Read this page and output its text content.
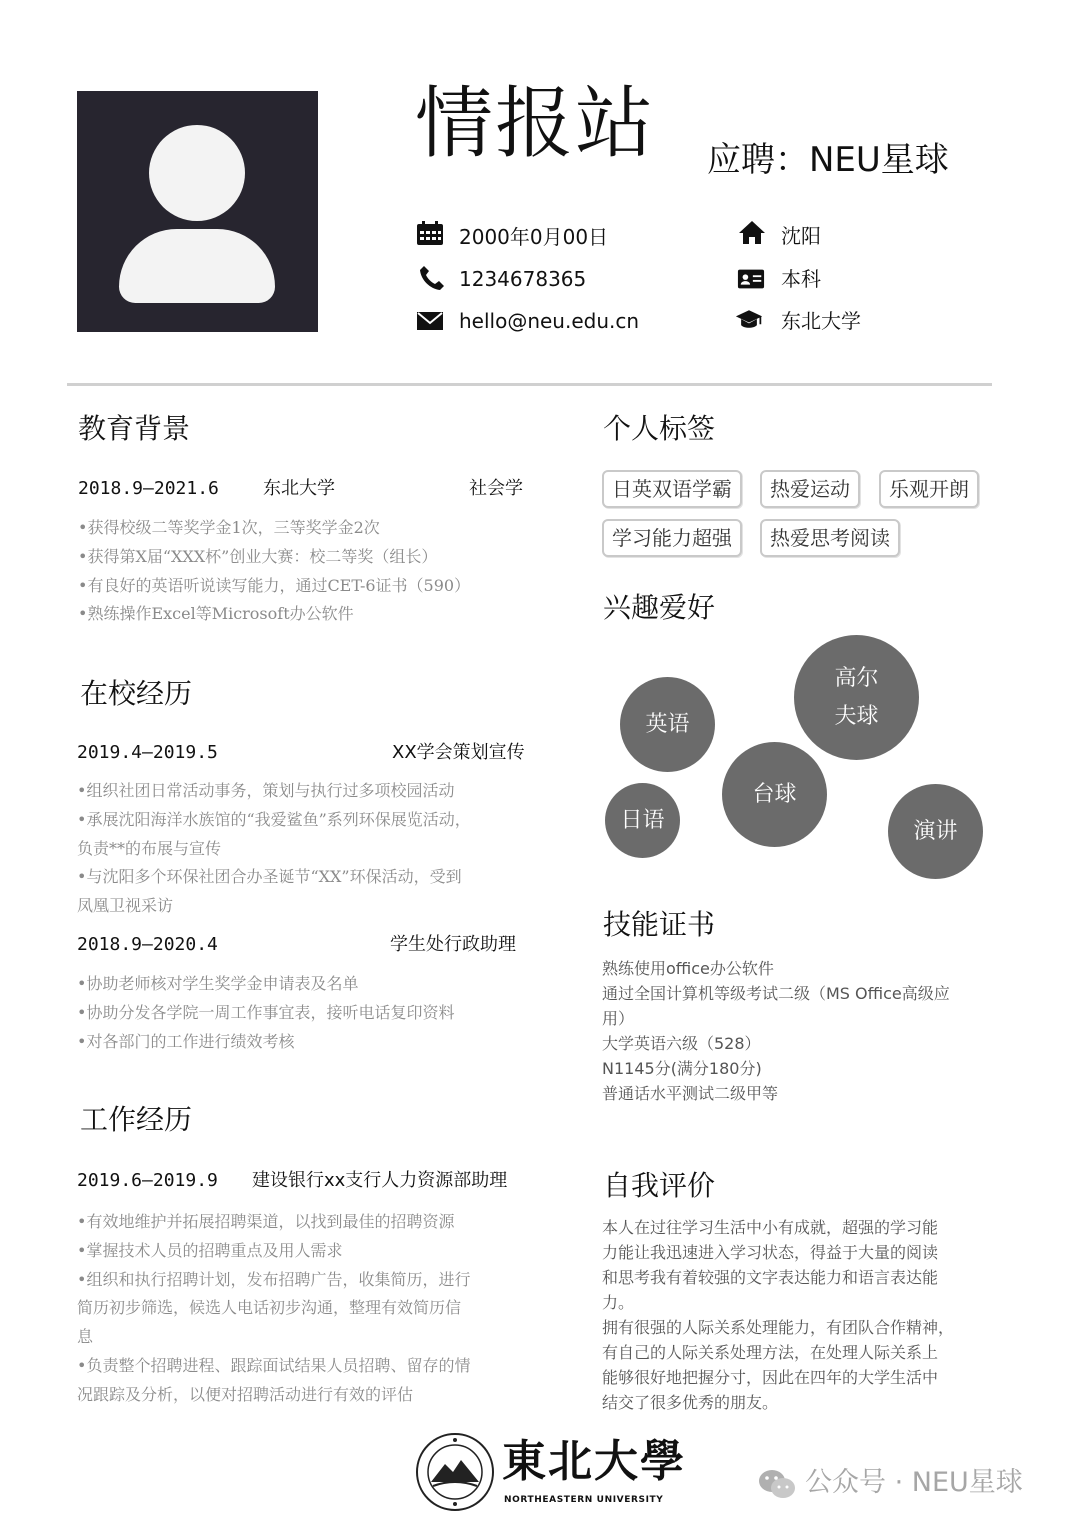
情报站 应聘：NEU星球
2000年0月00日
1234678365
hello@neu.edu.cn
沈阳
本科
东北大学
教育背景
2018.9—2021.6 东北大学	社会学
•获得校级二等奖学金1次，三等奖学金2次
•获得第X届“XXX杯”创业大赛：校二等奖（组长）
•有良好的英语听说读写能力，通过CET-6证书（590）
•熟练操作Excel等Microsoft办公软件
在校经历
2019.4—2019.5	XX学会策划宣传
•组织社团日常活动事务，策划与执行过多项校园活动
•承展沈阳海洋水族馆的“我爱鲨鱼”系列环保展览活动，
负责**的布展与宣传
•与沈阳多个环保社团合办圣诞节“XX”环保活动，受到
凤凰卫视采访
2018.9—2020.4	学生处行政助理
•协助老师核对学生奖学金申请表及名单
•协助分发各学院一周工作事宜表，接听电话复印资料
•对各部门的工作进行绩效考核
工作经历
2019.6—2019.9 建设银行xx支行人力资源部助理
•有效地维护并拓展招聘渠道，以找到最佳的招聘资源
•掌握技术人员的招聘重点及用人需求
•组织和执行招聘计划，发布招聘广告，收集简历，进行
简历初步筛选，候选人电话初步沟通，整理有效简历信
息
•负责整个招聘进程、跟踪面试结果人员招聘、留存的情
况跟踪及分析，以便对招聘活动进行有效的评估
个人标签
日英双语学霸	热爱运动	乐观开朗
学习能力超强	热爱思考阅读
兴趣爱好
英语
高尔
夫球
日语
台球
演讲
技能证书
熟练使用office办公软件
通过全国计算机等级考试二级（MS Office高级应
用）
大学英语六级（528）
N1145分(满分180分)
普通话水平测试二级甲等
自我评价
本人在过往学习生活中小有成就，超强的学习能
力能让我迅速进入学习状态，得益于大量的阅读
和思考我有着较强的文字表达能力和语言表达能
力。
拥有很强的人际关系处理能力，有团队合作精神，
有自己的人际关系处理方法，在处理人际关系上
能够很好地把握分寸，因此在四年的大学生活中
结交了很多优秀的朋友。
東北大學
NORTHEASTERN UNIVERSITY
公众号 · NEU星球
